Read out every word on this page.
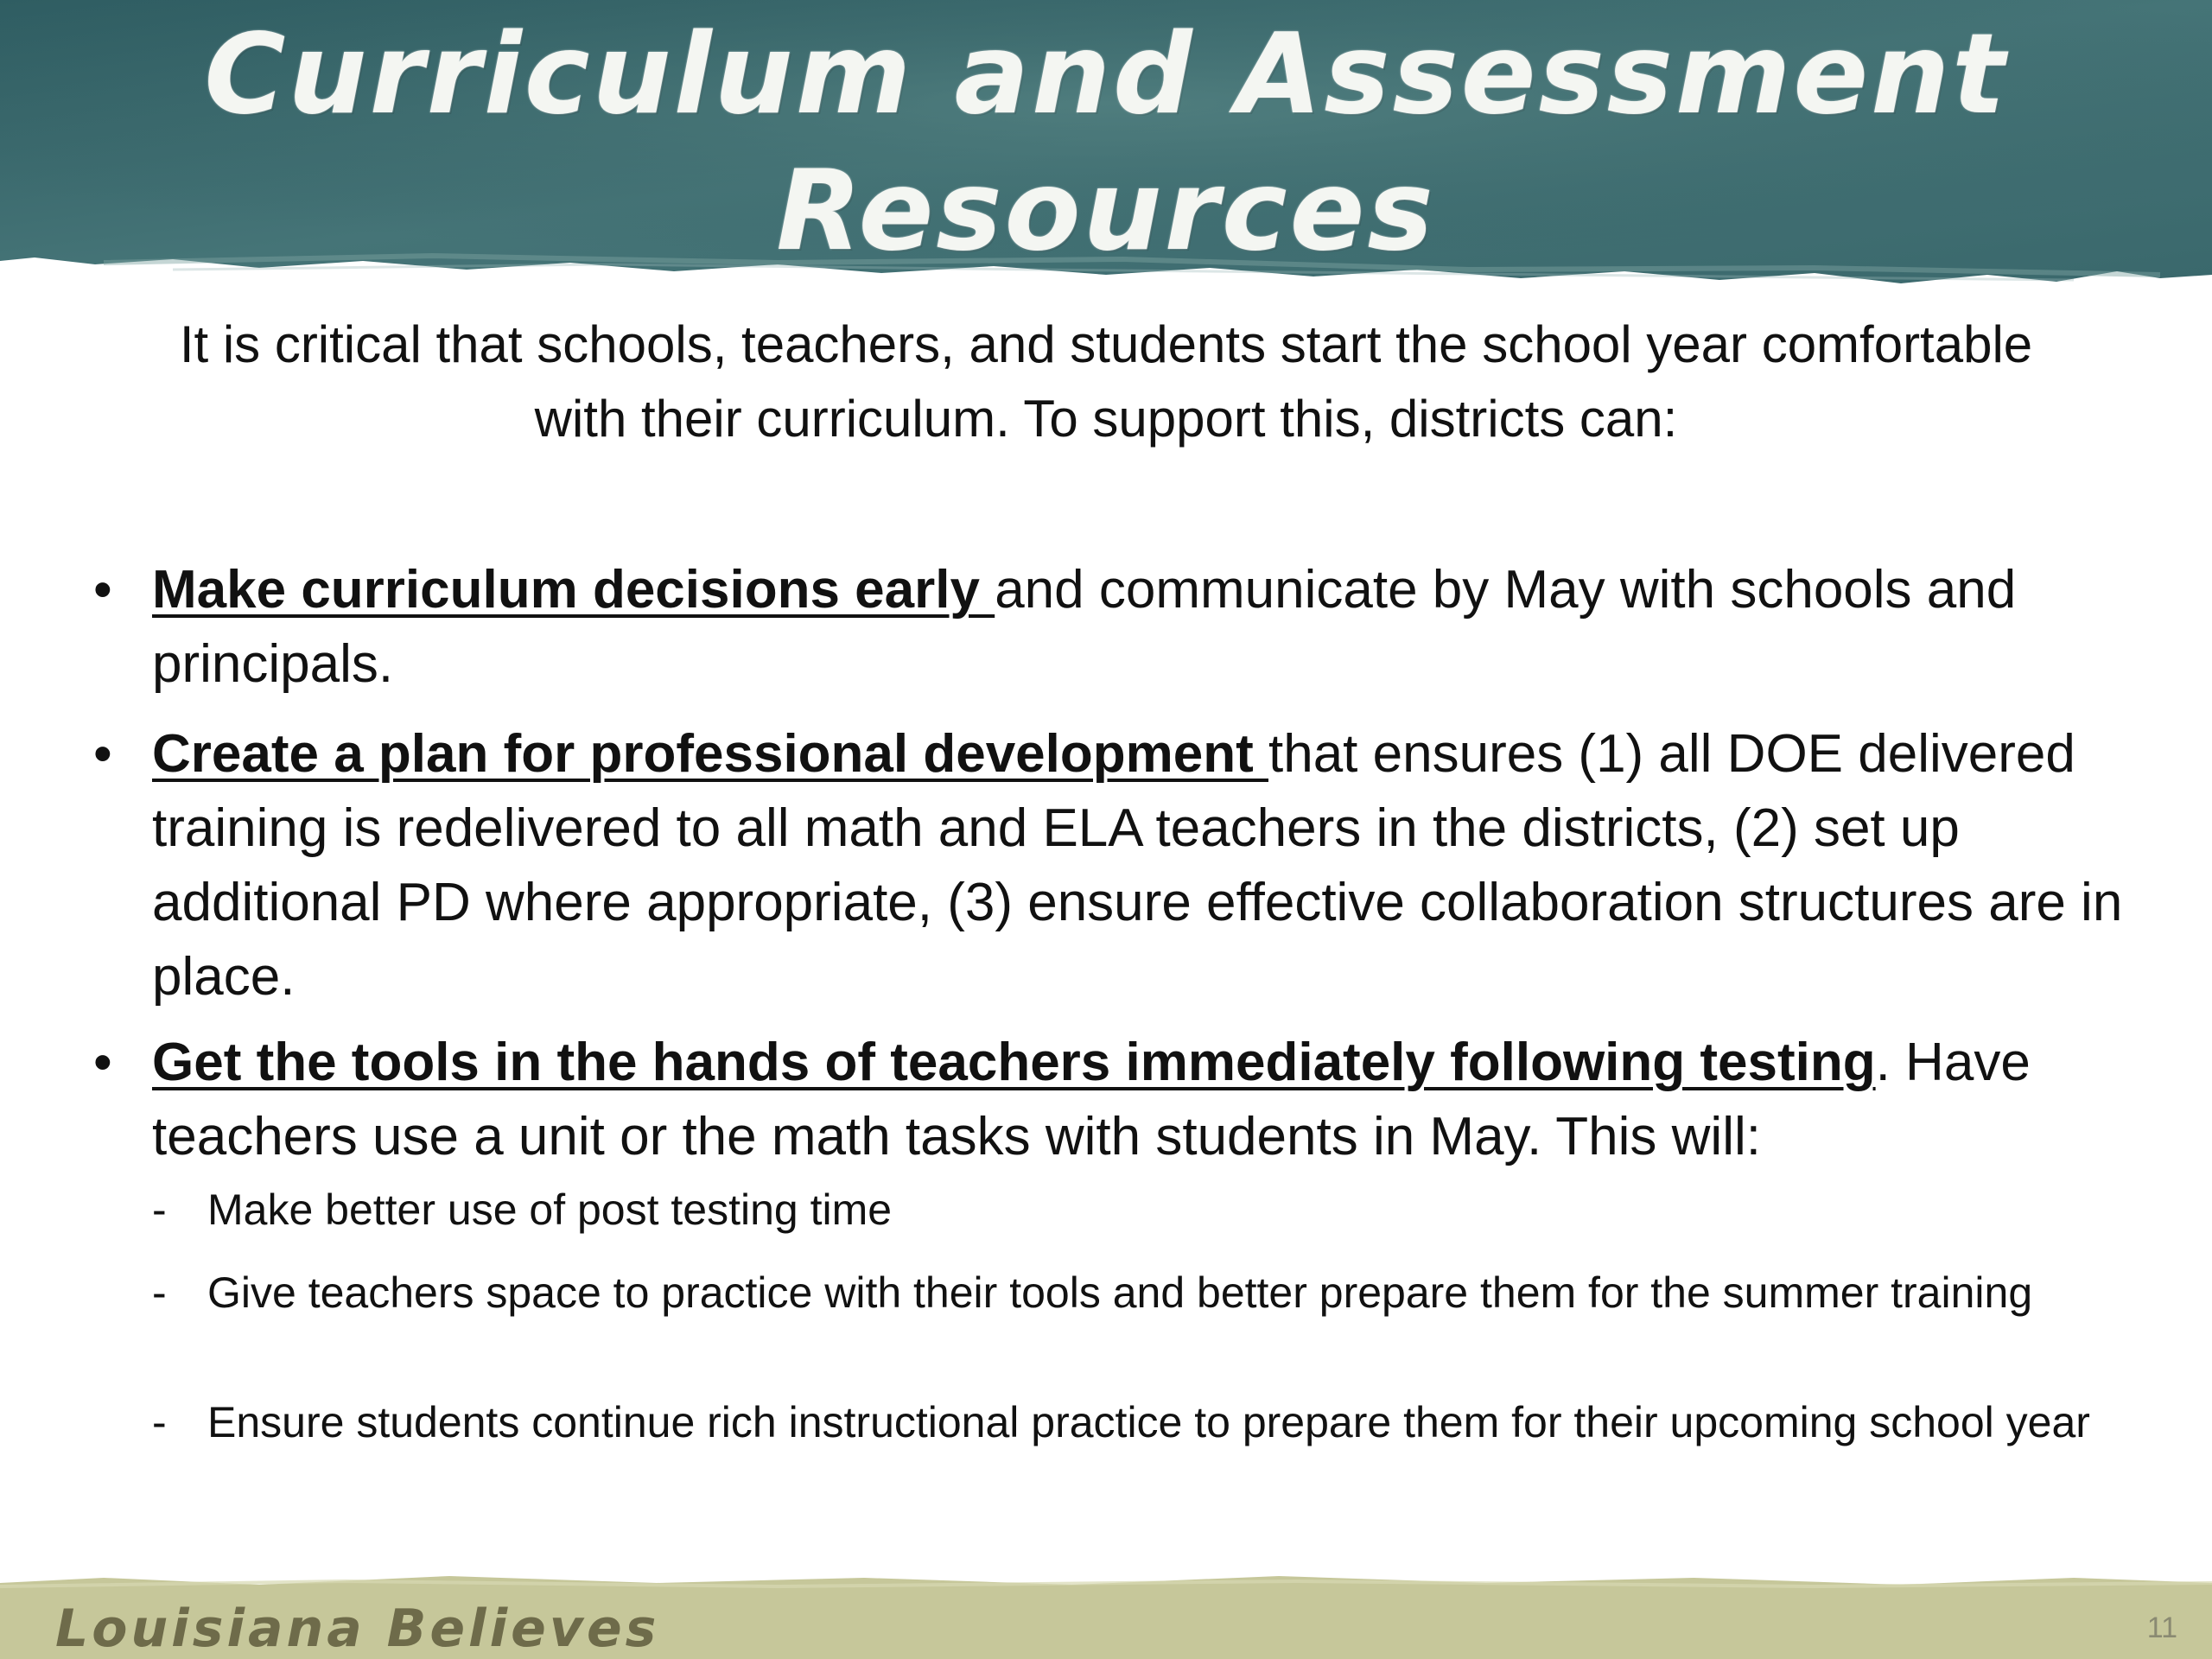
Curriculum and Assessment
Resources
It is critical that schools, teachers, and students start the school year comfortable with their curriculum. To support this, districts can:
• Make curriculum decisions early and communicate by May with schools and principals.
• Create a plan for professional development that ensures (1) all DOE delivered training is redelivered to all math and ELA teachers in the districts, (2) set up additional PD where appropriate, (3) ensure effective collaboration structures are in place.
• Get the tools in the hands of teachers immediately following testing. Have teachers use a unit or the math tasks with students in May. This will:
- Make better use of post testing time
- Give teachers space to practice with their tools and better prepare them for the summer training
- Ensure students continue rich instructional practice to prepare them for their upcoming school year
Louisiana Believes	11
